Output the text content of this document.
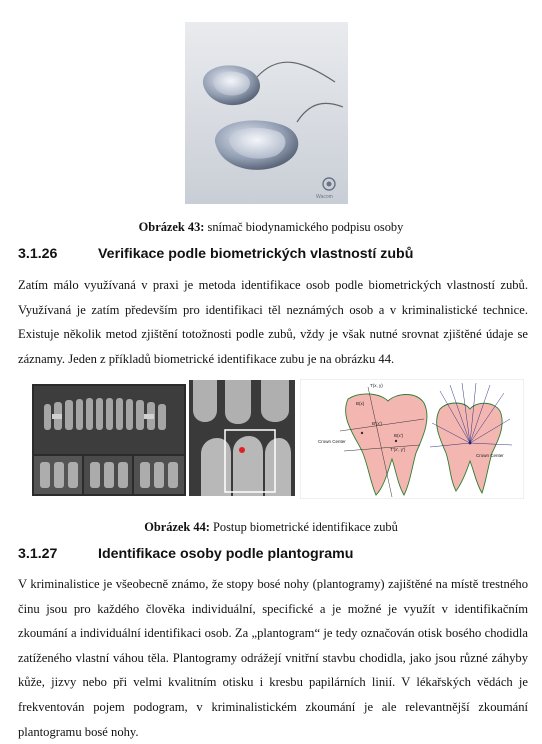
Wacom
Obrázek 43: snímač biodynamického podpisu osoby
3.1.26	Verifikace podle biometrických vlastností zubů

Zatím málo využívaná v praxi je metoda identifikace osob podle biometrických vlastností zubů. Využívaná je zatím především pro identifikaci těl neznámých osob a v kriminalistické technice. Existuje několik metod zjištění totožnosti podle zubů, vždy je však nutné srovnat zjištěné údaje se záznamy. Jeden z příkladů biometrické identifikace zubu je na obrázku 44.

T(x, y)
B(x)
B'(x')
B(x')
T'(x', y')
Crown Center
Crown Center
Obrázek 44: Postup biometrické identifikace zubů
3.1.27	Identifikace osoby podle plantogramu

V kriminalistice je všeobecně známo, že stopy bosé nohy (plantogramy) zajištěné na místě trestného činu jsou pro každého člověka individuální, specifické a je možné je využít v identifikačním zkoumání a individuální identifikaci osob. Za „plantogram“ je tedy označován otisk bosého chodidla zatíženého vlastní váhou těla. Plantogramy odrážejí vnitřní stavbu chodidla, jako jsou různé záhyby kůže, jizvy nebo při velmi kvalitním otisku i kresbu papilárních linií. V lékařských vědách je frekventován pojem podogram, v kriminalistickém zkoumání je ale relevantnější zkoumání plantogramu bosé nohy.
